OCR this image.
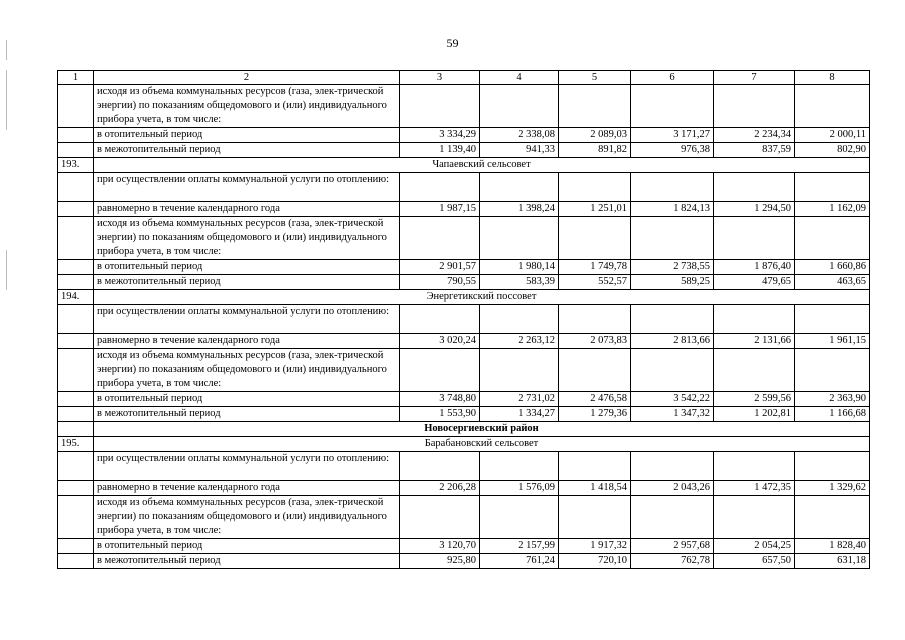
59
1	2	3	4	5	6	7	8
	исходя из объема коммунальных ресурсов (газа, элек-трической энергии) по показаниям общедомового и (или) индивидуального прибора учета, в том числе:						
	в отопительный период	3 334,29	2 338,08	2 089,03	3 171,27	2 234,34	2 000,11
	в межотопительный период	1 139,40	941,33	891,82	976,38	837,59	802,90
193.	Чапаевский сельсовет						
	при осуществлении оплаты коммунальной услуги по отоплению:						
	равномерно в течение календарного года	1 987,15	1 398,24	1 251,01	1 824,13	1 294,50	1 162,09
	исходя из объема коммунальных ресурсов (газа, элек-трической энергии) по показаниям общедомового и (или) индивидуального прибора учета, в том числе:						
	в отопительный период	2 901,57	1 980,14	1 749,78	2 738,55	1 876,40	1 660,86
	в межотопительный период	790,55	583,39	552,57	589,25	479,65	463,65
194.	Энергетикский поссовет						
	при осуществлении оплаты коммунальной услуги по отоплению:						
	равномерно в течение календарного года	3 020,24	2 263,12	2 073,83	2 813,66	2 131,66	1 961,15
	исходя из объема коммунальных ресурсов (газа, элек-трической энергии) по показаниям общедомового и (или) индивидуального прибора учета, в том числе:						
	в отопительный период	3 748,80	2 731,02	2 476,58	3 542,22	2 599,56	2 363,90
	в межотопительный период	1 553,90	1 334,27	1 279,36	1 347,32	1 202,81	1 166,68
	Новосергиевский район						
195.	Барабановский сельсовет						
	при осуществлении оплаты коммунальной услуги по отоплению:						
	равномерно в течение календарного года	2 206,28	1 576,09	1 418,54	2 043,26	1 472,35	1 329,62
	исходя из объема коммунальных ресурсов (газа, элек-трической энергии) по показаниям общедомового и (или) индивидуального прибора учета, в том числе:						
	в отопительный период	3 120,70	2 157,99	1 917,32	2 957,68	2 054,25	1 828,40
	в межотопительный период	925,80	761,24	720,10	762,78	657,50	631,18
